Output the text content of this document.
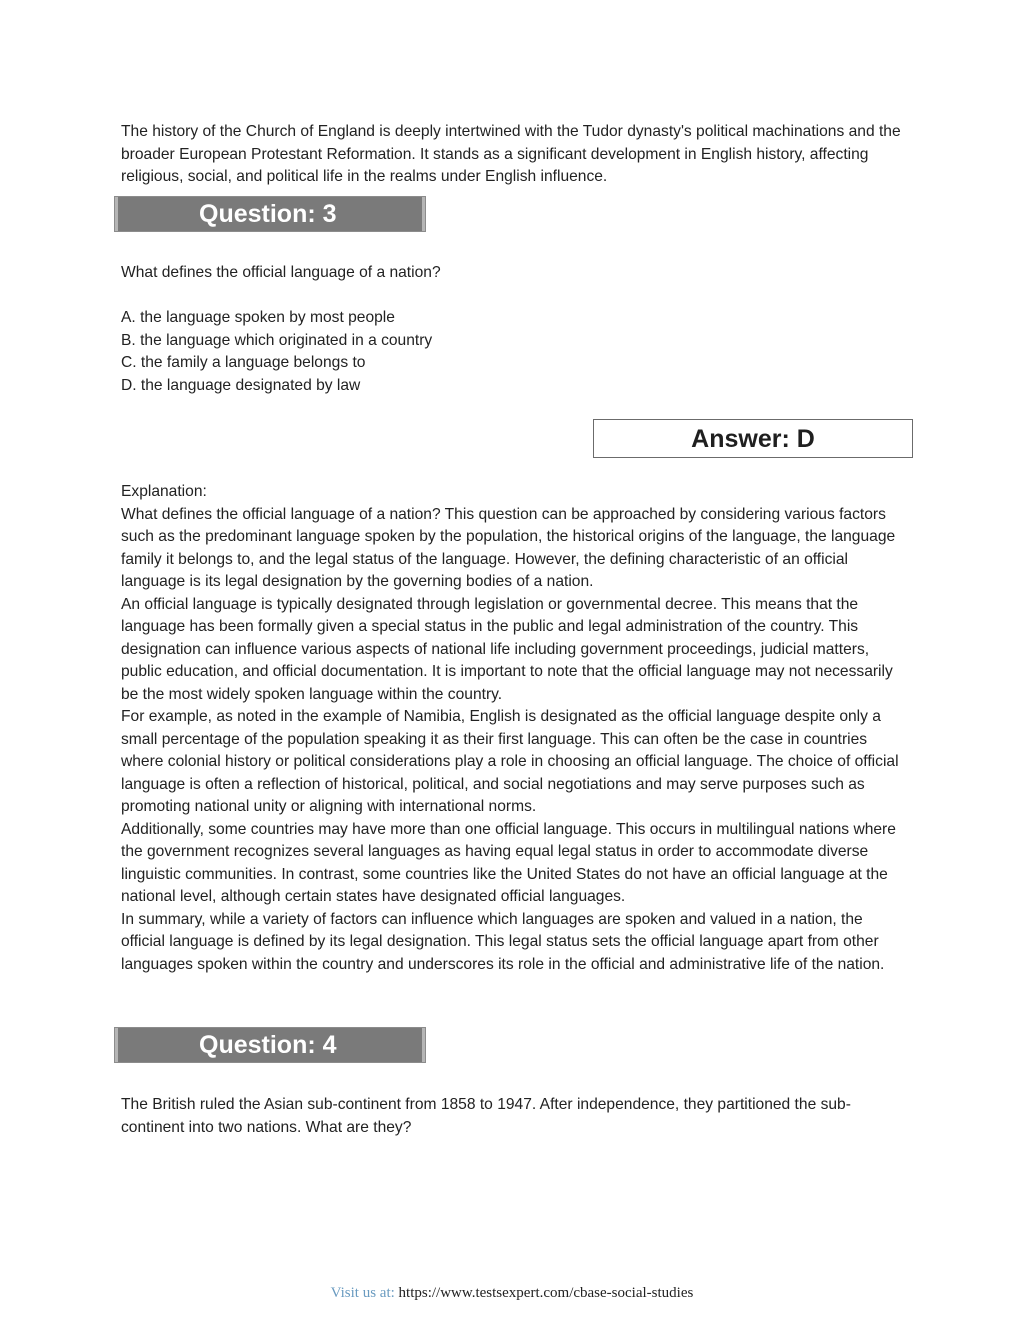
The history of the Church of England is deeply intertwined with the Tudor dynasty's political machinations and the broader European Protestant Reformation. It stands as a significant development in English history, affecting religious, social, and political life in the realms under English influence.

Question: 3

What defines the official language of a nation?

A. the language spoken by most people
B. the language which originated in a country
C. the family a language belongs to
D. the language designated by law
Answer: D

Explanation:

What defines the official language of a nation? This question can be approached by considering various factors such as the predominant language spoken by the population, the historical origins of the language, the language family it belongs to, and the legal status of the language. However, the defining characteristic of an official language is its legal designation by the governing bodies of a nation.

An official language is typically designated through legislation or governmental decree. This means that the language has been formally given a special status in the public and legal administration of the country. This designation can influence various aspects of national life including government proceedings, judicial matters, public education, and official documentation. It is important to note that the official language may not necessarily be the most widely spoken language within the country.

For example, as noted in the example of Namibia, English is designated as the official language despite only a small percentage of the population speaking it as their first language. This can often be the case in countries where colonial history or political considerations play a role in choosing an official language. The choice of official language is often a reflection of historical, political, and social negotiations and may serve purposes such as promoting national unity or aligning with international norms.

Additionally, some countries may have more than one official language. This occurs in multilingual nations where the government recognizes several languages as having equal legal status in order to accommodate diverse linguistic communities. In contrast, some countries like the United States do not have an official language at the national level, although certain states have designated official languages.

In summary, while a variety of factors can influence which languages are spoken and valued in a nation, the official language is defined by its legal designation. This legal status sets the official language apart from other languages spoken within the country and underscores its role in the official and administrative life of the nation.

Question: 4

The British ruled the Asian sub-continent from 1858 to 1947. After independence, they partitioned the sub-continent into two nations. What are they?

Visit us at: https://www.testsexpert.com/cbase-social-studies
